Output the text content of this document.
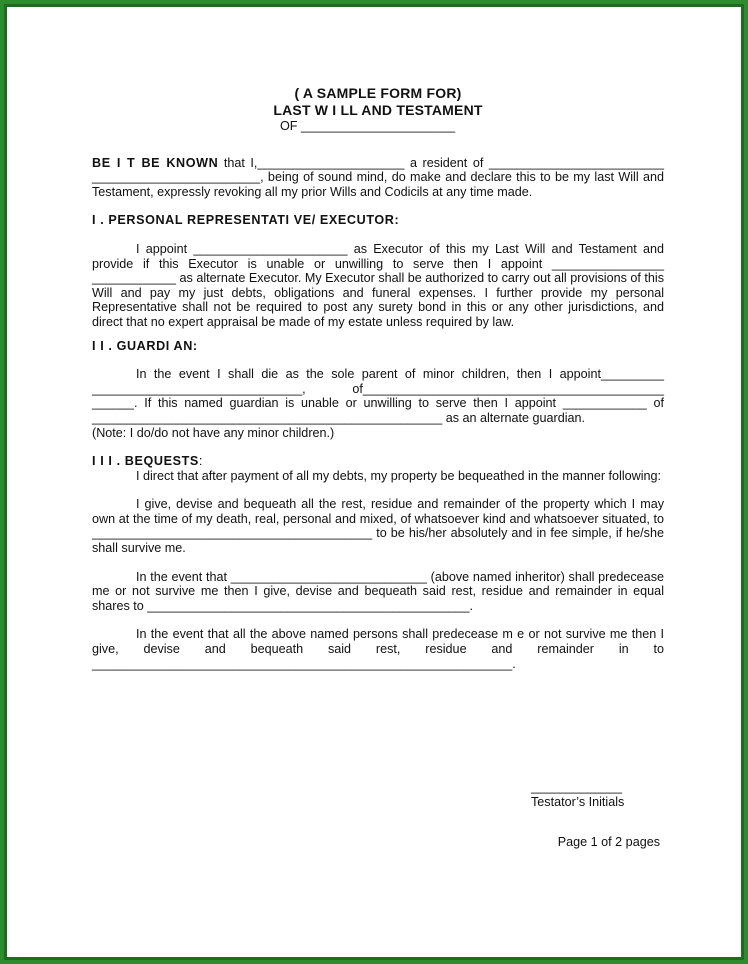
( A SAMPLE FORM FOR)
LAST W I LL AND TESTAMENT
OF ______________________

BE I T BE KNOWN that I,_____________________ a resident of _________________________ ________________________, being of sound mind, do make and declare this to be my last Will and Testament, expressly revoking all my prior Wills and Codicils at any time made.

I . PERSONAL REPRESENTATI VE/ EXECUTOR:

I appoint ______________________ as Executor of this my Last Will and Testament and provide if this Executor is unable or unwilling to serve then I appoint ________________ ____________ as alternate Executor. My Executor shall be authorized to carry out all provisions of this Will and pay my just debts, obligations and funeral expenses. I further provide my personal Representative shall not be required to post any surety bond in this or any other jurisdictions, and direct that no expert appraisal be made of my estate unless required by law.

I I . GUARDI AN:

In the event I shall die as the sole parent of minor children, then I appoint_________ ______________________________, of___________________________________________ ______. If this named guardian is unable or unwilling to serve then I appoint ____________ of __________________________________________________ as an alternate guardian.

(Note: I do/do not have any minor children.)

I I I . BEQUESTS:

I direct that after payment of all my debts, my property be bequeathed in the manner following:

I give, devise and bequeath all the rest, residue and remainder of the property which I may own at the time of my death, real, personal and mixed, of whatsoever kind and whatsoever situated, to ________________________________________ to be his/her absolutely and in fee simple, if he/she shall survive me.

In the event that ____________________________ (above named inheritor) shall predecease me or not survive me then I give, devise and bequeath said rest, residue and remainder in equal shares to ______________________________________________.

In the event that all the above named persons shall predecease m e or not survive me then I give, devise and bequeath said rest, residue and remainder in to ____________________________________________________________.

_____________
Testator’s Initials
Page 1 of 2 pages
